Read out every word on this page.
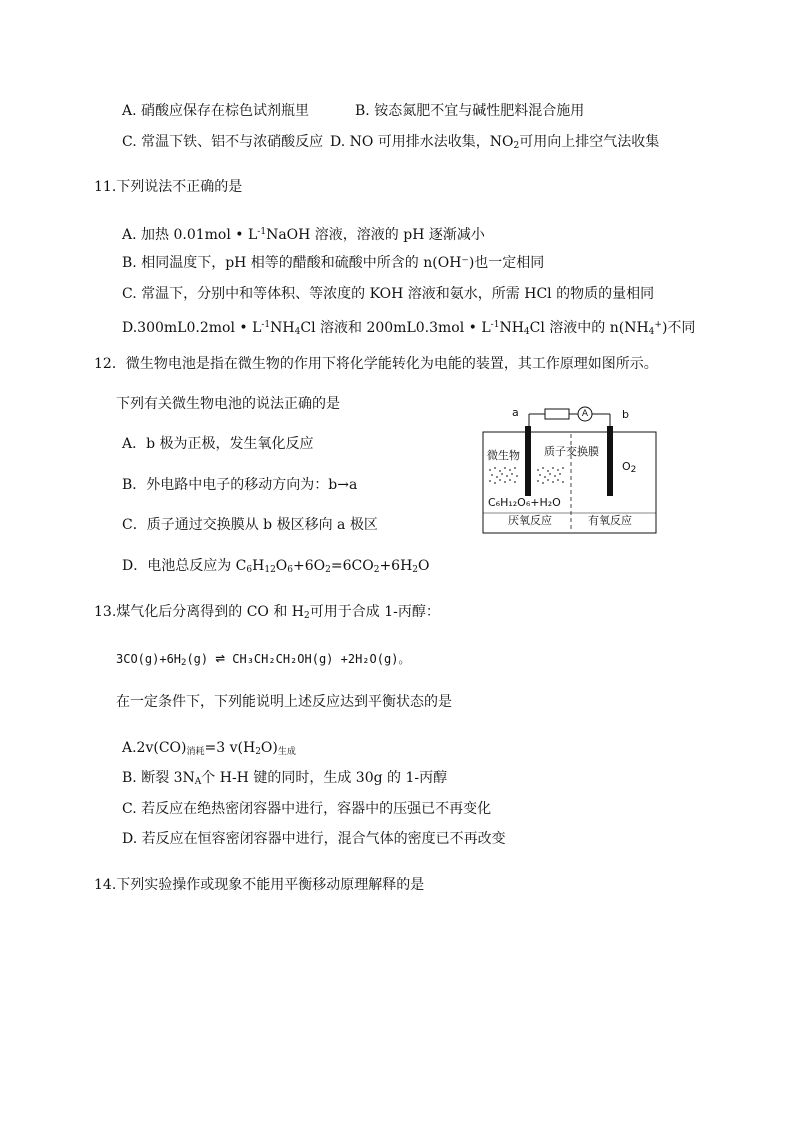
A. 硝酸应保存在棕色试剂瓶里	B. 铵态氮肥不宜与碱性肥料混合施用
C. 常温下铁、铝不与浓硝酸反应 D. NO 可用排水法收集，$NO_2$可用向上排空气法收集
11.下列说法不正确的是
A. 加热 0.01mol • $L^{-1}NaOH$ 溶液，溶液的 pH 逐渐减小
B. 相同温度下，pH 相等的醋酸和硫酸中所含的 n(OH⁻)也一定相同
C. 常温下，分别中和等体积、等浓度的 KOH 溶液和氨水，所需 HCl 的物质的量相同
D.300mL0.2mol • $L^{-1}NH_4Cl$ 溶液和 200mL0.3mol • $L^{-1}NH_4Cl$ 溶液中的 $n(NH_4^+)$不同
12．微生物电池是指在微生物的作用下将化学能转化为电能的装置，其工作原理如图所示。
下列有关微生物电池的说法正确的是
A．b 极为正极，发生氧化反应
B．外电路中电子的移动方向为：b→a
C．质子通过交换膜从 b 极区移向 a 极区
D．电池总反应为 $C_6H_{12}O_6+6O_2=6CO_2+6H_2O$
a	b
A
微生物 质子交换膜
$O_2$
C₆H₁₂O₆+H₂O
厌氧反应	有氧反应
13.煤气化后分离得到的 CO 和 $H_2$可用于合成 1-丙醇：
$3CO(g)+6H_2(g)$ ⇌ CH₃CH₂CH₂OH(g) +2H₂O(g)。
在一定条件下，下列能说明上述反应达到平衡状态的是
$A.2v(CO)_{消耗}=3$ $v(H_2O)_{生成}$
B. 断裂 $3N_A$个 H-H 键的同时，生成 30g 的 1-丙醇
C. 若反应在绝热密闭容器中进行，容器中的压强已不再变化
D. 若反应在恒容密闭容器中进行，混合气体的密度已不再改变
14.下列实验操作或现象不能用平衡移动原理解释的是
